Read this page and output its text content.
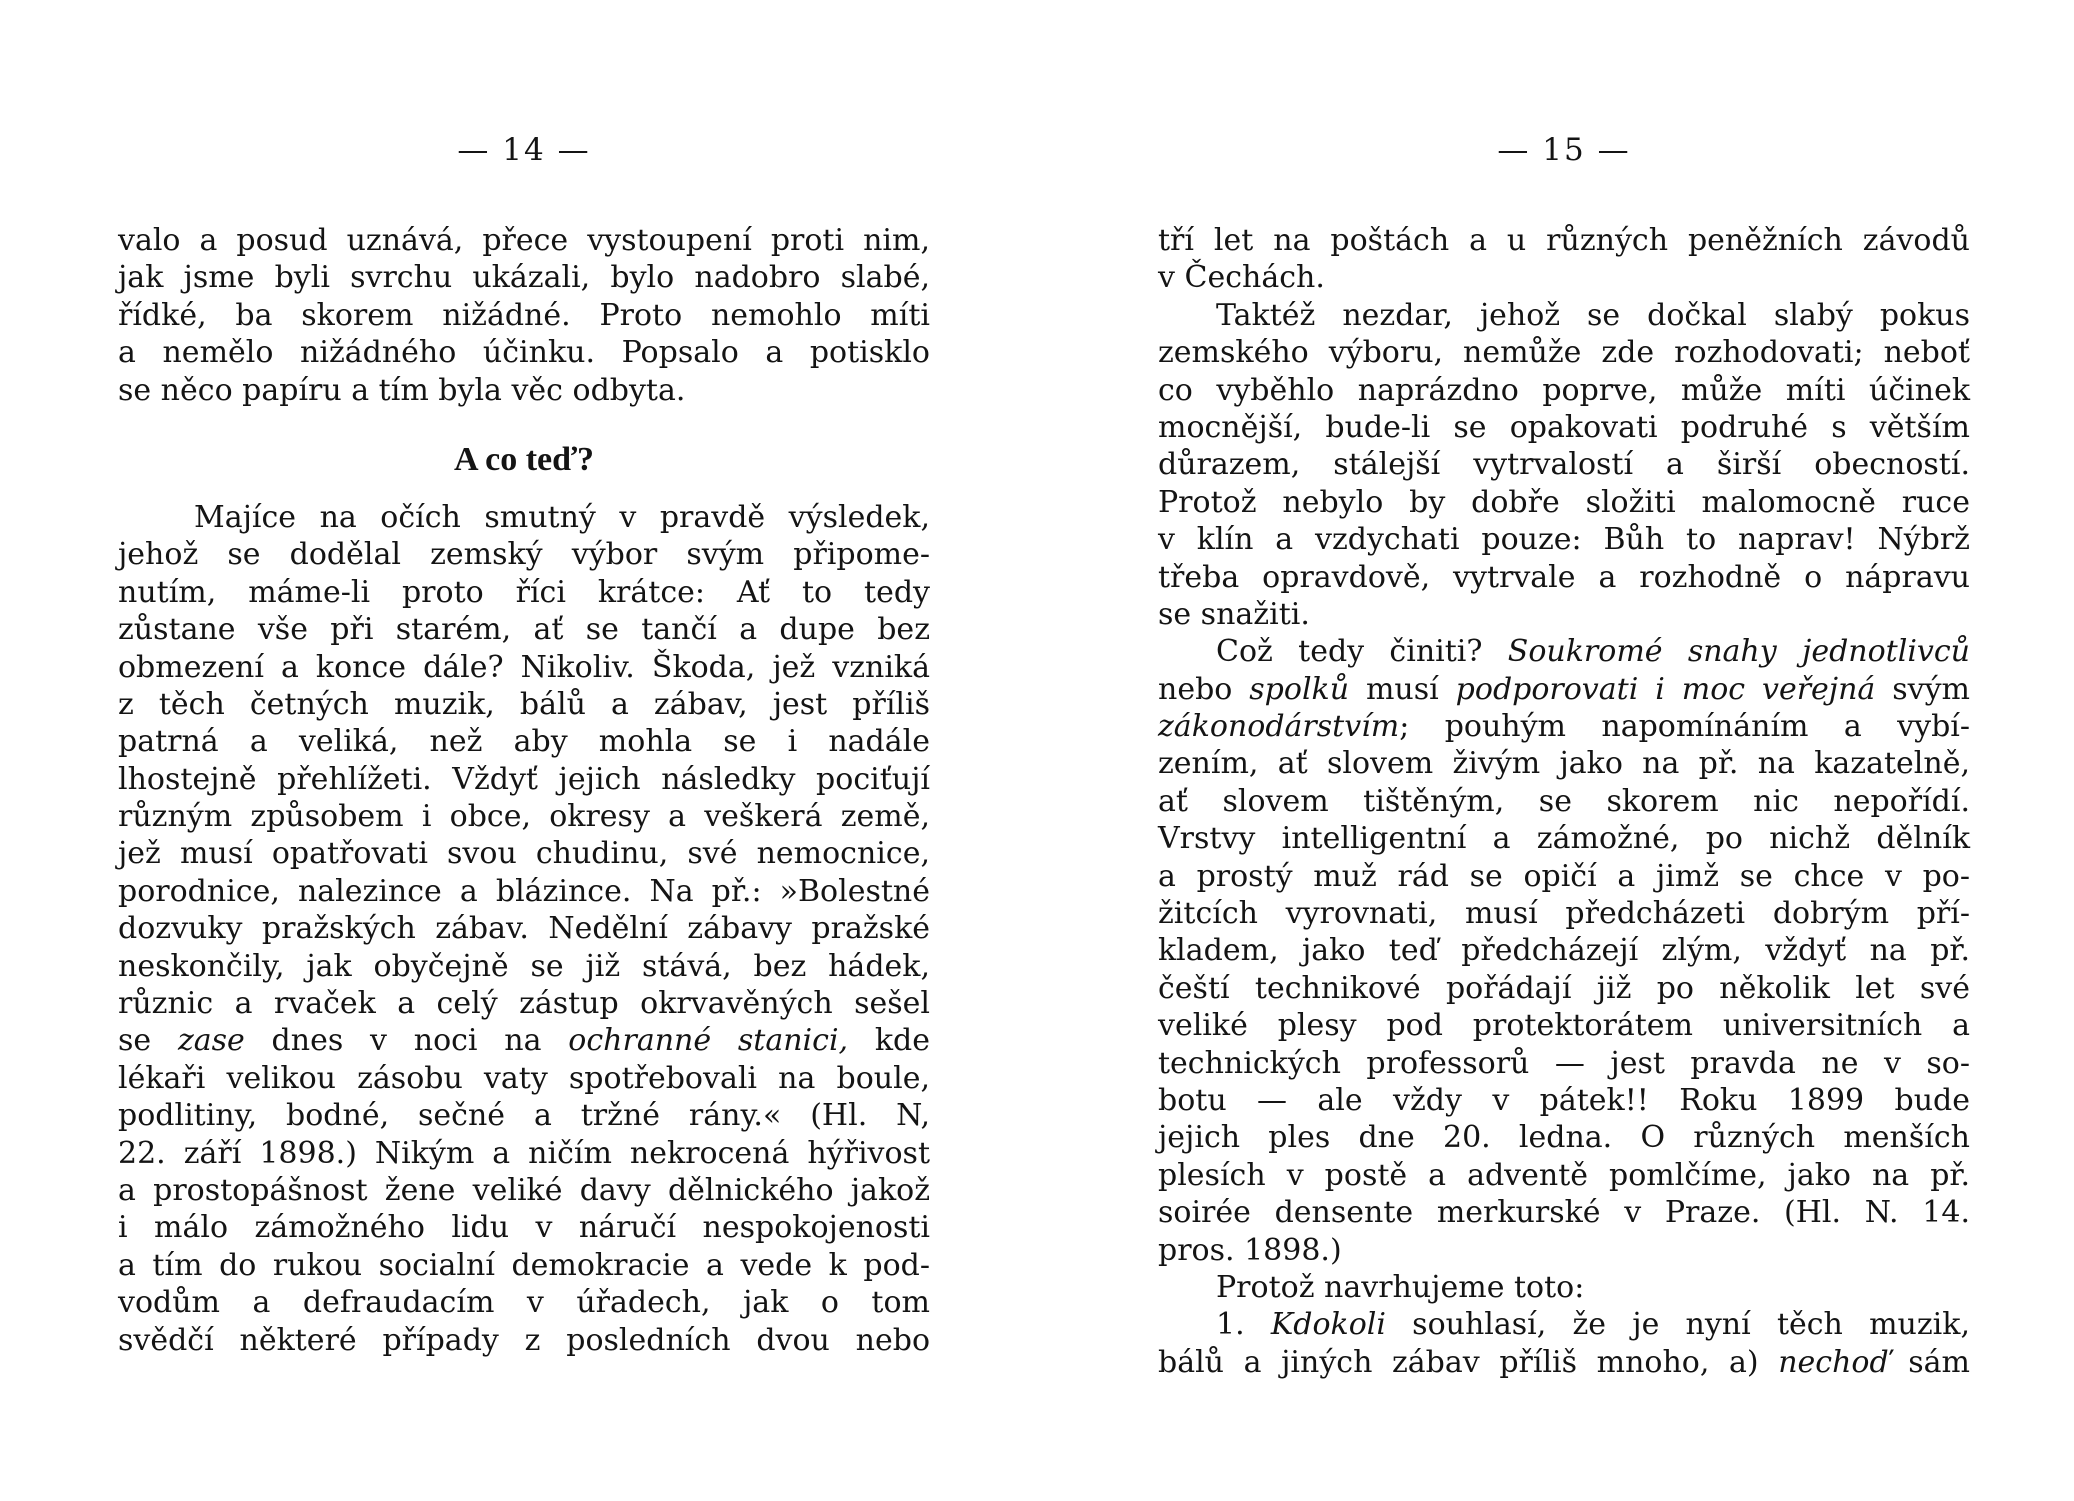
— 14 —
valo a posud uznává, přece vystoupení proti nim,
jak jsme byli svrchu ukázali, bylo nadobro slabé,
řídké, ba skorem nižádné. Proto nemohlo míti
a nemělo nižádného účinku. Popsalo a potisklo
se něco papíru a tím byla věc odbyta.
A co teď?
Majíce na očích smutný v pravdě výsledek,
jehož se dodělal zemský výbor svým připome-
nutím, máme-li proto říci krátce: Ať to tedy
zůstane vše při starém, ať se tančí a dupe bez
obmezení a konce dále? Nikoliv. Škoda, jež vzniká
z těch četných muzik, bálů a zábav, jest příliš
patrná a veliká, než aby mohla se i nadále
lhostejně přehlížeti. Vždyť jejich následky pociťují
různým způsobem i obce, okresy a veškerá země,
jež musí opatřovati svou chudinu, své nemocnice,
porodnice, nalezince a blázince. Na př.: »Bolestné
dozvuky pražských zábav. Nedělní zábavy pražské
neskončily, jak obyčejně se již stává, bez hádek,
různic a rvaček a celý zástup okrvavěných sešel
se zase dnes v noci na ochranné stanici, kde
lékaři velikou zásobu vaty spotřebovali na boule,
podlitiny, bodné, sečné a tržné rány.« (Hl. N,
22. září 1898.) Nikým a ničím nekrocená hýřivost
a prostopášnost žene veliké davy dělnického jakož
i málo zámožného lidu v náručí nespokojenosti
a tím do rukou socialní demokracie a vede k pod-
vodům a defraudacím v úřadech, jak o tom
svědčí některé případy z posledních dvou nebo
— 15 —
tří let na poštách a u různých peněžních závodů
v Čechách.
Taktéž nezdar, jehož se dočkal slabý pokus
zemského výboru, nemůže zde rozhodovati; neboť
co vyběhlo naprázdno poprve, může míti účinek
mocnější, bude-li se opakovati podruhé s větším
důrazem, stálejší vytrvalostí a širší obecností.
Protož nebylo by dobře složiti malomocně ruce
v klín a vzdychati pouze: Bůh to naprav! Nýbrž
třeba opravdově, vytrvale a rozhodně o nápravu
se snažiti.
Což tedy činiti? Soukromé snahy jednotlivců
nebo spolků musí podporovati i moc veřejná svým
zákonodárstvím; pouhým napomínáním a vybí-
zením, ať slovem živým jako na př. na kazatelně,
ať slovem tištěným, se skorem nic nepořídí.
Vrstvy intelligentní a zámožné, po nichž dělník
a prostý muž rád se opičí a jimž se chce v po-
žitcích vyrovnati, musí předcházeti dobrým pří-
kladem, jako teď předcházejí zlým, vždyť na př.
čeští technikové pořádají již po několik let své
veliké plesy pod protektorátem universitních a
technických professorů — jest pravda ne v so-
botu — ale vždy v pátek!! Roku 1899 bude
jejich ples dne 20. ledna. O různých menších
plesích v postě a adventě pomlčíme, jako na př.
soirée densente merkurské v Praze. (Hl. N. 14.
pros. 1898.)
Protož navrhujeme toto:
1. Kdokoli souhlasí, že je nyní těch muzik,
bálů a jiných zábav příliš mnoho, a) nechoď sám
